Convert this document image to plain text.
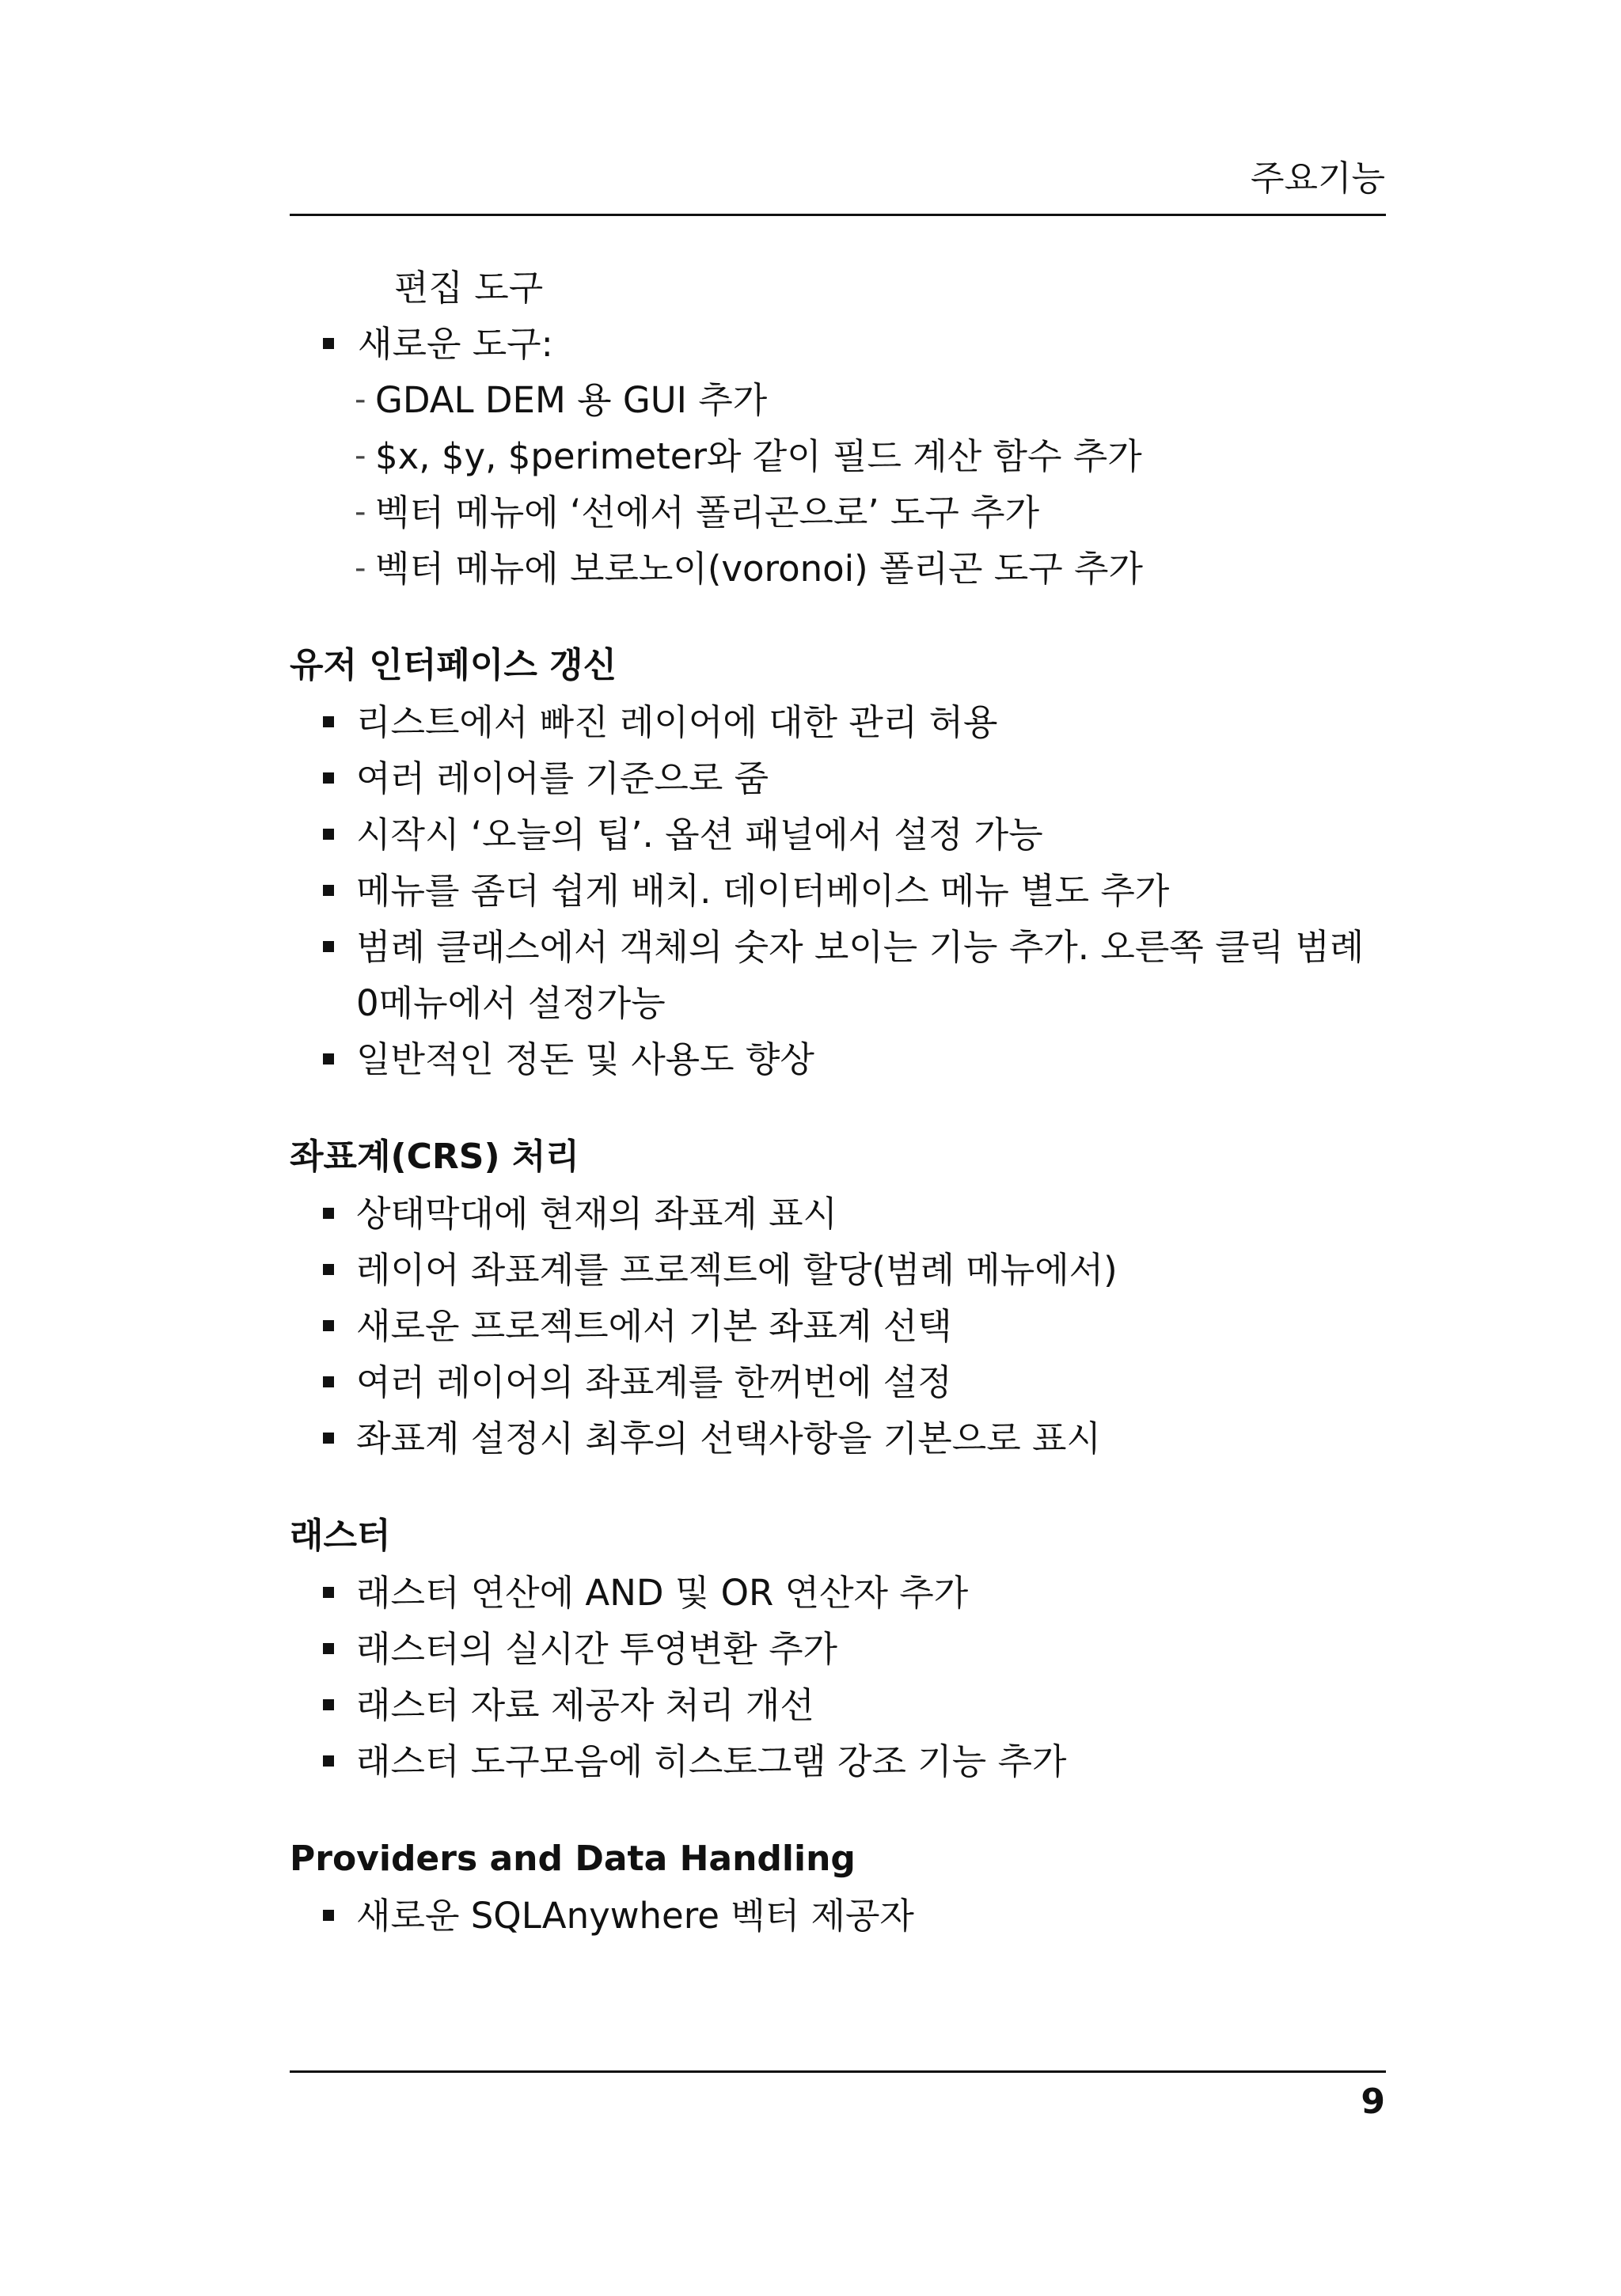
주요기능
편집 도구
새로운 도구:
- GDAL DEM 용 GUI 추가
- $x, $y, $perimeter와 같이 필드 계산 함수 추가
- 벡터 메뉴에 ‘선에서 폴리곤으로’ 도구 추가
- 벡터 메뉴에 보로노이(voronoi) 폴리곤 도구 추가
유저 인터페이스 갱신
리스트에서 빠진 레이어에 대한 관리 허용
여러 레이어를 기준으로 줌
시작시 ‘오늘의 팁’. 옵션 패널에서 설정 가능
메뉴를 좀더 쉽게 배치. 데이터베이스 메뉴 별도 추가
범례 클래스에서 객체의 숫자 보이는 기능 추가. 오른쪽 클릭 범례 0메뉴에서 설정가능
일반적인 정돈 및 사용도 향상
좌표계(CRS) 처리
상태막대에 현재의 좌표계 표시
레이어 좌표계를 프로젝트에 할당(범례 메뉴에서)
새로운 프로젝트에서 기본 좌표계 선택
여러 레이어의 좌표계를 한꺼번에 설정
좌표계 설정시 최후의 선택사항을 기본으로 표시
래스터
래스터 연산에 AND 및 OR 연산자 추가
래스터의 실시간 투영변환 추가
래스터 자료 제공자 처리 개선
래스터 도구모음에 히스토그램 강조 기능 추가
Providers and Data Handling
새로운 SQLAnywhere 벡터 제공자
9
